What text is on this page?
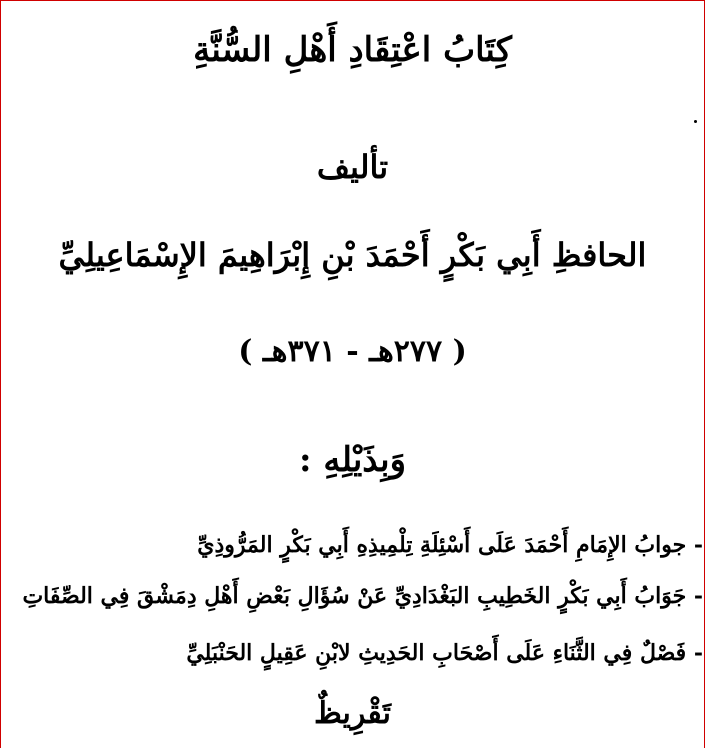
كِتَابُ اعْتِقَادِ أَهْلِ السُّنَّةِ
تأليف
الحافظِ أَبِي بَكْرٍ أَحْمَدَ بْنِ إِبْرَاهِيمَ الإِسْمَاعِيلِيِّ
( ٢٧٧هـ - ٣٧١هـ )
وَبِذَيْلِهِ :
- جوابُ الإِمَامِ أَحْمَدَ عَلَى أَسْئِلَةِ تِلْمِيذِهِ أَبِي بَكْرٍ المَرُّوذِيِّ
- جَوَابُ أَبِي بَكْرٍ الخَطِيبِ البَغْدَادِيِّ عَنْ سُؤَالِ بَعْضِ أَهْلِ دِمَشْقَ فِي الصِّفَاتِ
- فَصْلٌ فِي الثَّنَاءِ عَلَى أَصْحَابِ الحَدِيثِ لابْنِ عَقِيلٍ الحَنْبَلِيِّ
تَقْرِيظٌ
